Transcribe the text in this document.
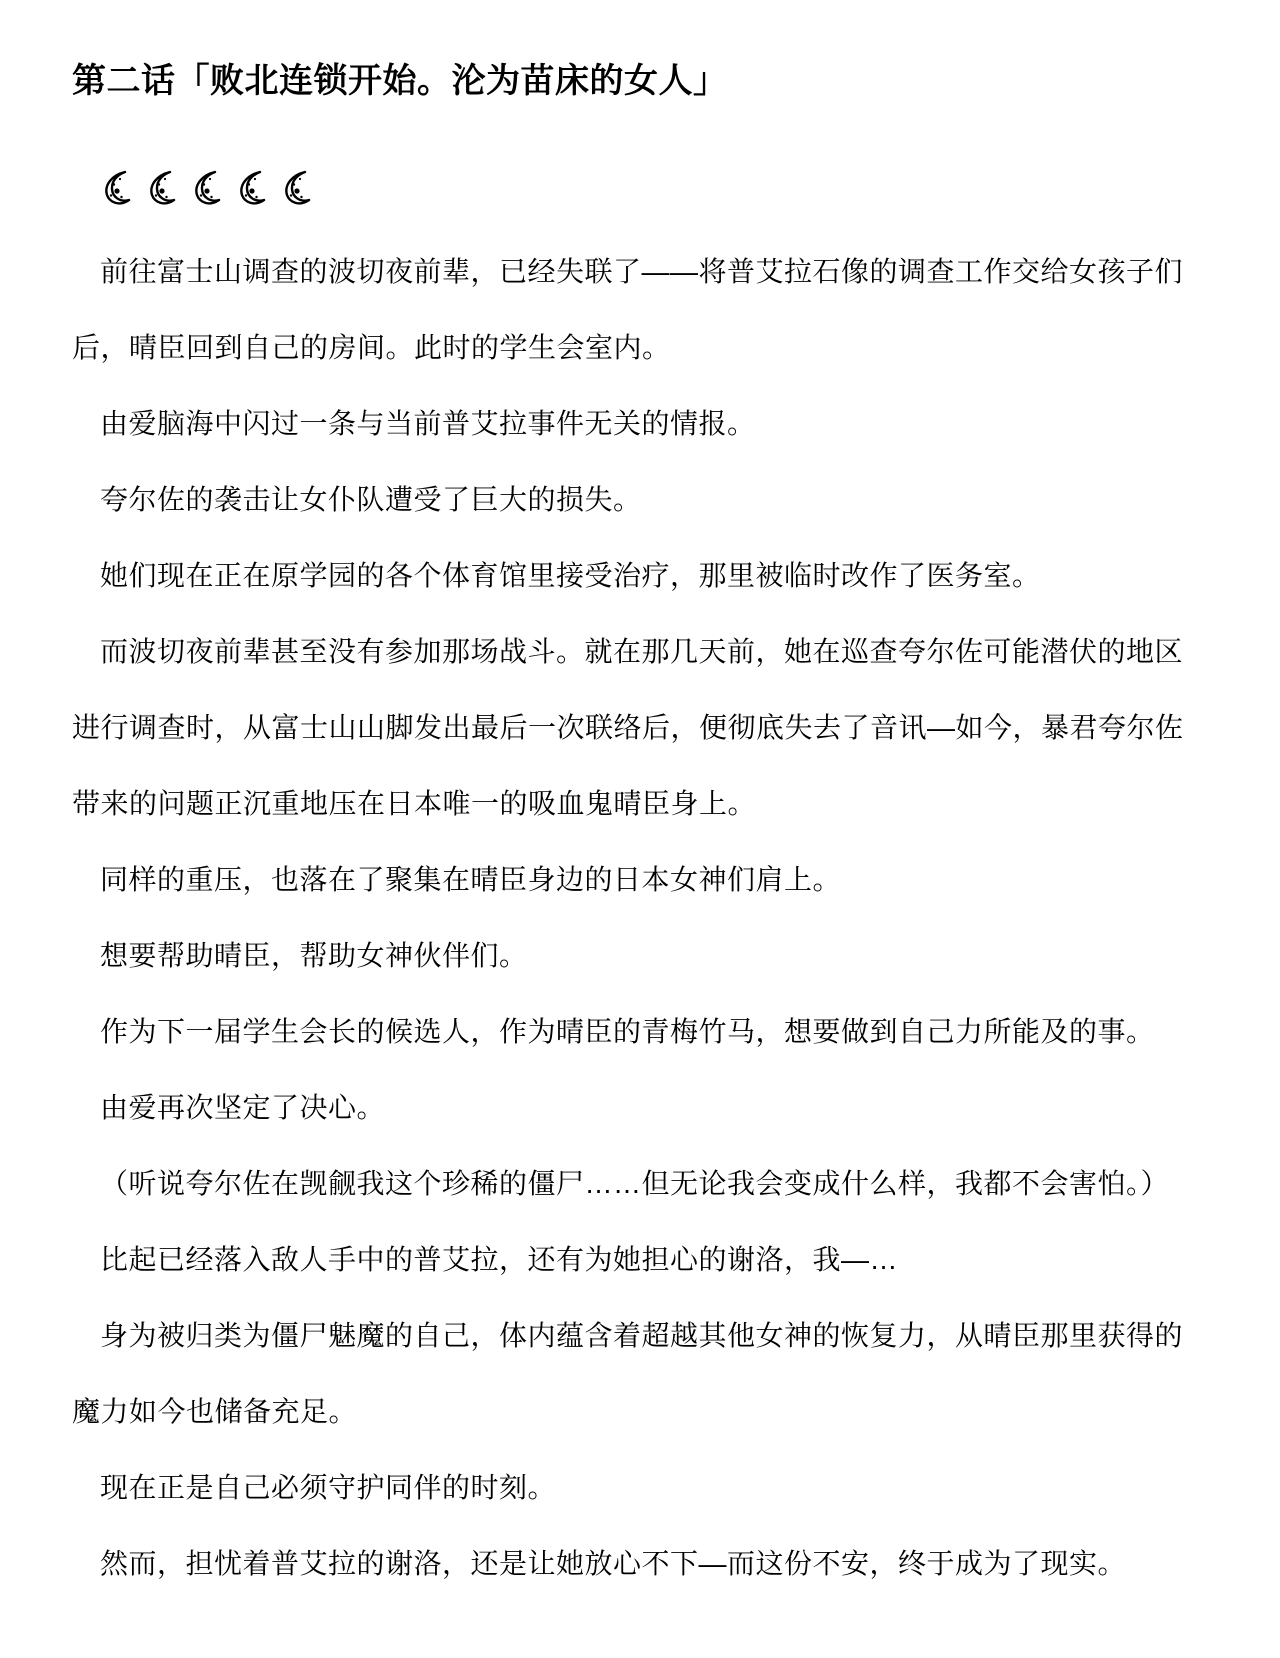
第二话「败北连锁开始。沦为苗床的女人」

前往富士山调查的波切夜前辈，已经失联了——将普艾拉石像的调查工作交给女孩子们后，晴臣回到自己的房间。此时的学生会室内。

由爱脑海中闪过一条与当前普艾拉事件无关的情报。

夸尔佐的袭击让女仆队遭受了巨大的损失。

她们现在正在原学园的各个体育馆里接受治疗，那里被临时改作了医务室。

而波切夜前辈甚至没有参加那场战斗。就在那几天前，她在巡查夸尔佐可能潜伏的地区进行调查时，从富士山山脚发出最后一次联络后，便彻底失去了音讯—如今，暴君夸尔佐带来的问题正沉重地压在日本唯一的吸血鬼晴臣身上。

同样的重压，也落在了聚集在晴臣身边的日本女神们肩上。

想要帮助晴臣，帮助女神伙伴们。

作为下一届学生会长的候选人，作为晴臣的青梅竹马，想要做到自己力所能及的事。

由爱再次坚定了决心。

（听说夸尔佐在觊觎我这个珍稀的僵尸……但无论我会变成什么样，我都不会害怕。）

比起已经落入敌人手中的普艾拉，还有为她担心的谢洛，我—…

身为被归类为僵尸魅魔的自己，体内蕴含着超越其他女神的恢复力，从晴臣那里获得的魔力如今也储备充足。

现在正是自己必须守护同伴的时刻。

然而，担忧着普艾拉的谢洛，还是让她放心不下—而这份不安，终于成为了现实。
